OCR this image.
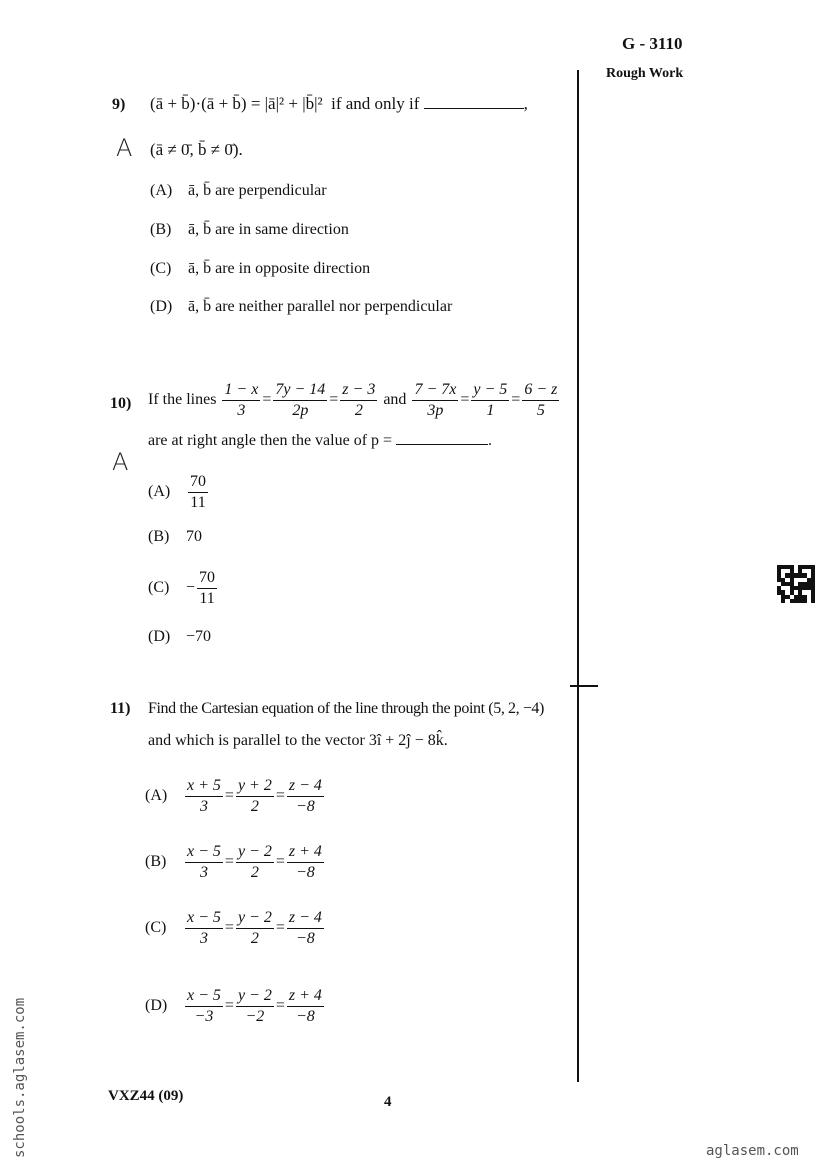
G - 3110
Rough Work
9) (ā + b̄)·(ā + b̄) = |ā|² + |b̄|² if and only if	,
A (ā ≠ 0̄, b̄ ≠ 0̄).
(A) ā, b̄ are perpendicular
(B) ā, b̄ are in same direction
(C) ā, b̄ are in opposite direction
(D) ā, b̄ are neither parallel nor perpendicular
10) If the lines $\frac{1 - x}{3} = \frac{7y - 14}{2p} = \frac{z - 3}{2}$ and $\frac{7 - 7x}{3p} = \frac{y - 5}{1} = \frac{6 - z}{5}$
are at right angle then the value of p =	.
A
$(A) \frac{70}{11}$
(B) 70
$(C) - \frac{70}{11}$
(D) −70
11) Find the Cartesian equation of the line through the point (5, 2, −4)
and which is parallel to the vector 3î + 2ĵ − 8k̂.
$(A) \frac{x + 5}{3} = \frac{y + 2}{2} = \frac{z - 4}{-8}$
$(B) \frac{x - 5}{3} = \frac{y - 2}{2} = \frac{z + 4}{-8}$
$(C) \frac{x - 5}{3} = \frac{y - 2}{2} = \frac{z - 4}{-8}$
$(D) \frac{x - 5}{-3} = \frac{y - 2}{-2} = \frac{z + 4}{-8}$
VXZ44 (09)	4
schools.aglasem.com	aglasem.com
